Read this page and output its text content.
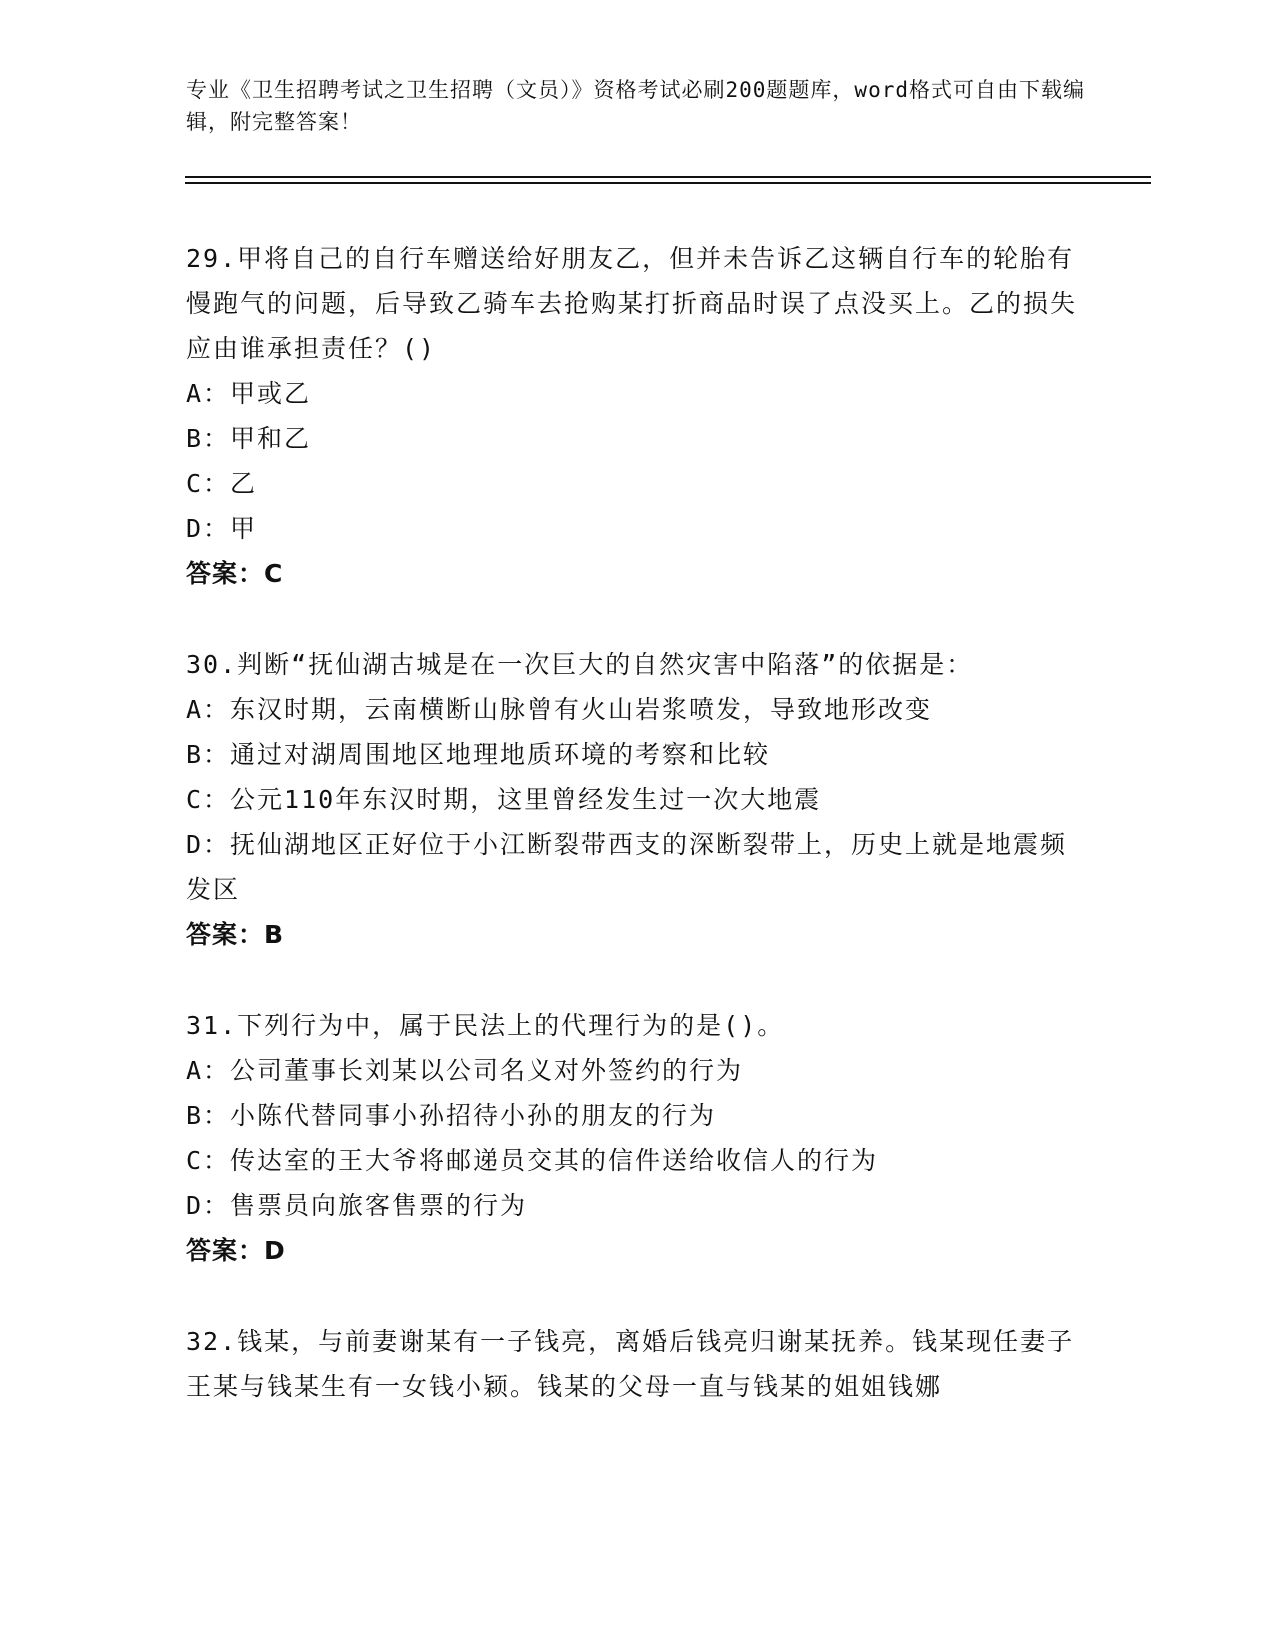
专业《卫生招聘考试之卫生招聘（文员）》资格考试必刷200题题库，word格式可自由下载编辑，附完整答案！

29.甲将自己的自行车赠送给好朋友乙，但并未告诉乙这辆自行车的轮胎有慢跑气的问题，后导致乙骑车去抢购某打折商品时误了点没买上。乙的损失应由谁承担责任？()

A：甲或乙

B：甲和乙

C：乙

D：甲

答案：C

30.判断“抚仙湖古城是在一次巨大的自然灾害中陷落”的依据是：

A：东汉时期，云南横断山脉曾有火山岩浆喷发，导致地形改变

B：通过对湖周围地区地理地质环境的考察和比较

C：公元110年东汉时期，这里曾经发生过一次大地震

D：抚仙湖地区正好位于小江断裂带西支的深断裂带上，历史上就是地震频发区

答案：B

31.下列行为中，属于民法上的代理行为的是()。

A：公司董事长刘某以公司名义对外签约的行为

B：小陈代替同事小孙招待小孙的朋友的行为

C：传达室的王大爷将邮递员交其的信件送给收信人的行为

D：售票员向旅客售票的行为

答案：D

32.钱某，与前妻谢某有一子钱亮，离婚后钱亮归谢某抚养。钱某现任妻子王某与钱某生有一女钱小颖。钱某的父母一直与钱某的姐姐钱娜
